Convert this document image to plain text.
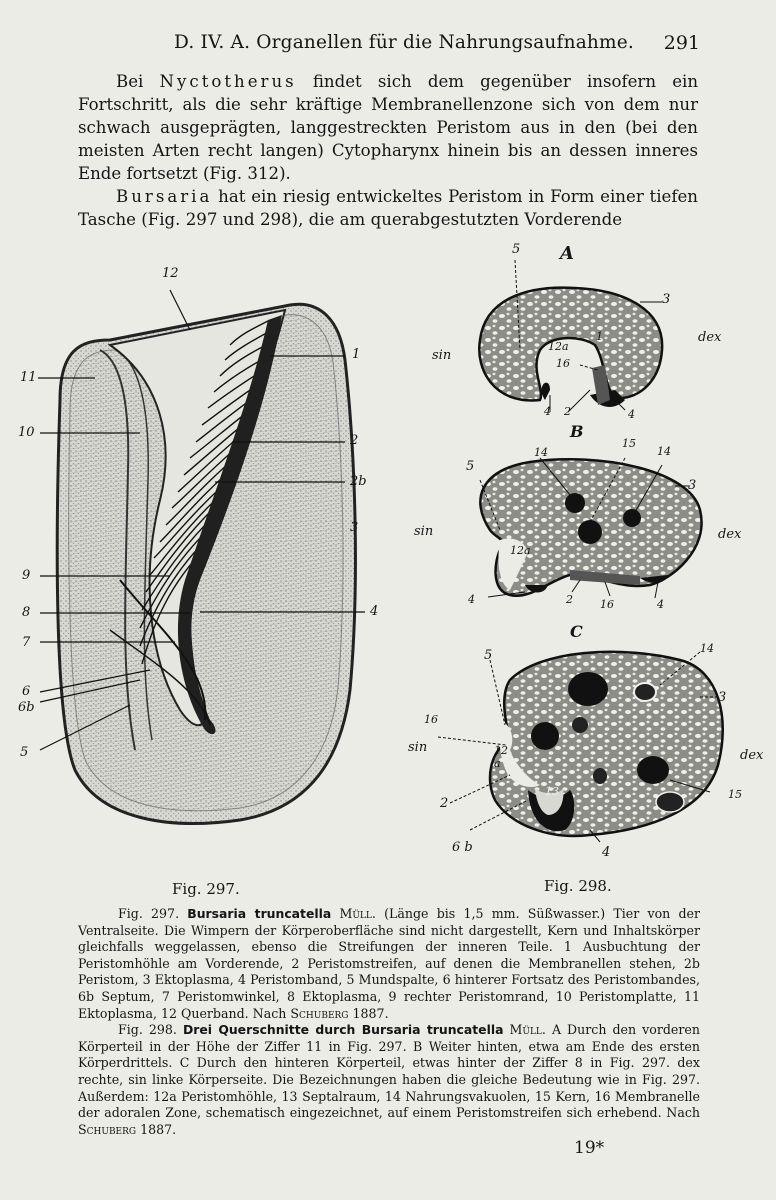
D. IV. A. Organellen für die Nahrungsaufnahme. 291

Bei Nyctotherus findet sich dem gegenüber insofern ein Fortschritt, als die sehr kräftige Membranellenzone sich von dem nur schwach ausgeprägten, langgestreckten Peristom aus in den (bei den meisten Arten recht langen) Cytopharynx hinein bis an dessen inneres Ende fortsetzt (Fig. 312).

Bursaria hat ein riesig entwickeltes Peristom in Form einer tiefen Tasche (Fig. 297 und 298), die am querabgestutzten Vorderende

12
1
11
10
2
2b
3
9
8	4
7
6
6b
5
Fig. 297.
5 A
3
dex
sin
12a
1
16
4 2	4
B
14
15
14
5
3
sin	dex
12a
4	2 16	4
C
5	14
3
16
sin	12
a
dex
13
2
15
6 b	4
Fig. 298.

Fig. 297. Bursaria truncatella Müll. (Länge bis 1,5 mm. Süßwasser.) Tier von der Ventralseite. Die Wimpern der Körperoberfläche sind nicht dargestellt, Kern und Inhaltskörper gleichfalls weggelassen, ebenso die Streifungen der inneren Teile. 1 Ausbuchtung der Peristomhöhle am Vorderende, 2 Peristomstreifen, auf denen die Membranellen stehen, 2b Peristom, 3 Ektoplasma, 4 Peristomband, 5 Mundspalte, 6 hinterer Fortsatz des Peristombandes, 6b Septum, 7 Peristomwinkel, 8 Ektoplasma, 9 rechter Peristomrand, 10 Peristomplatte, 11 Ektoplasma, 12 Querband. Nach Schuberg 1887.

Fig. 298. Drei Querschnitte durch Bursaria truncatella Müll. A Durch den vorderen Körperteil in der Höhe der Ziffer 11 in Fig. 297. B Weiter hinten, etwa am Ende des ersten Körperdrittels. C Durch den hinteren Körperteil, etwas hinter der Ziffer 8 in Fig. 297. dex rechte, sin linke Körperseite. Die Bezeichnungen haben die gleiche Bedeutung wie in Fig. 297. Außerdem: 12a Peristomhöhle, 13 Septalraum, 14 Nahrungsvakuolen, 15 Kern, 16 Membranelle der adoralen Zone, schematisch eingezeichnet, auf einem Peristomstreifen sich erhebend. Nach Schuberg 1887.

19*
